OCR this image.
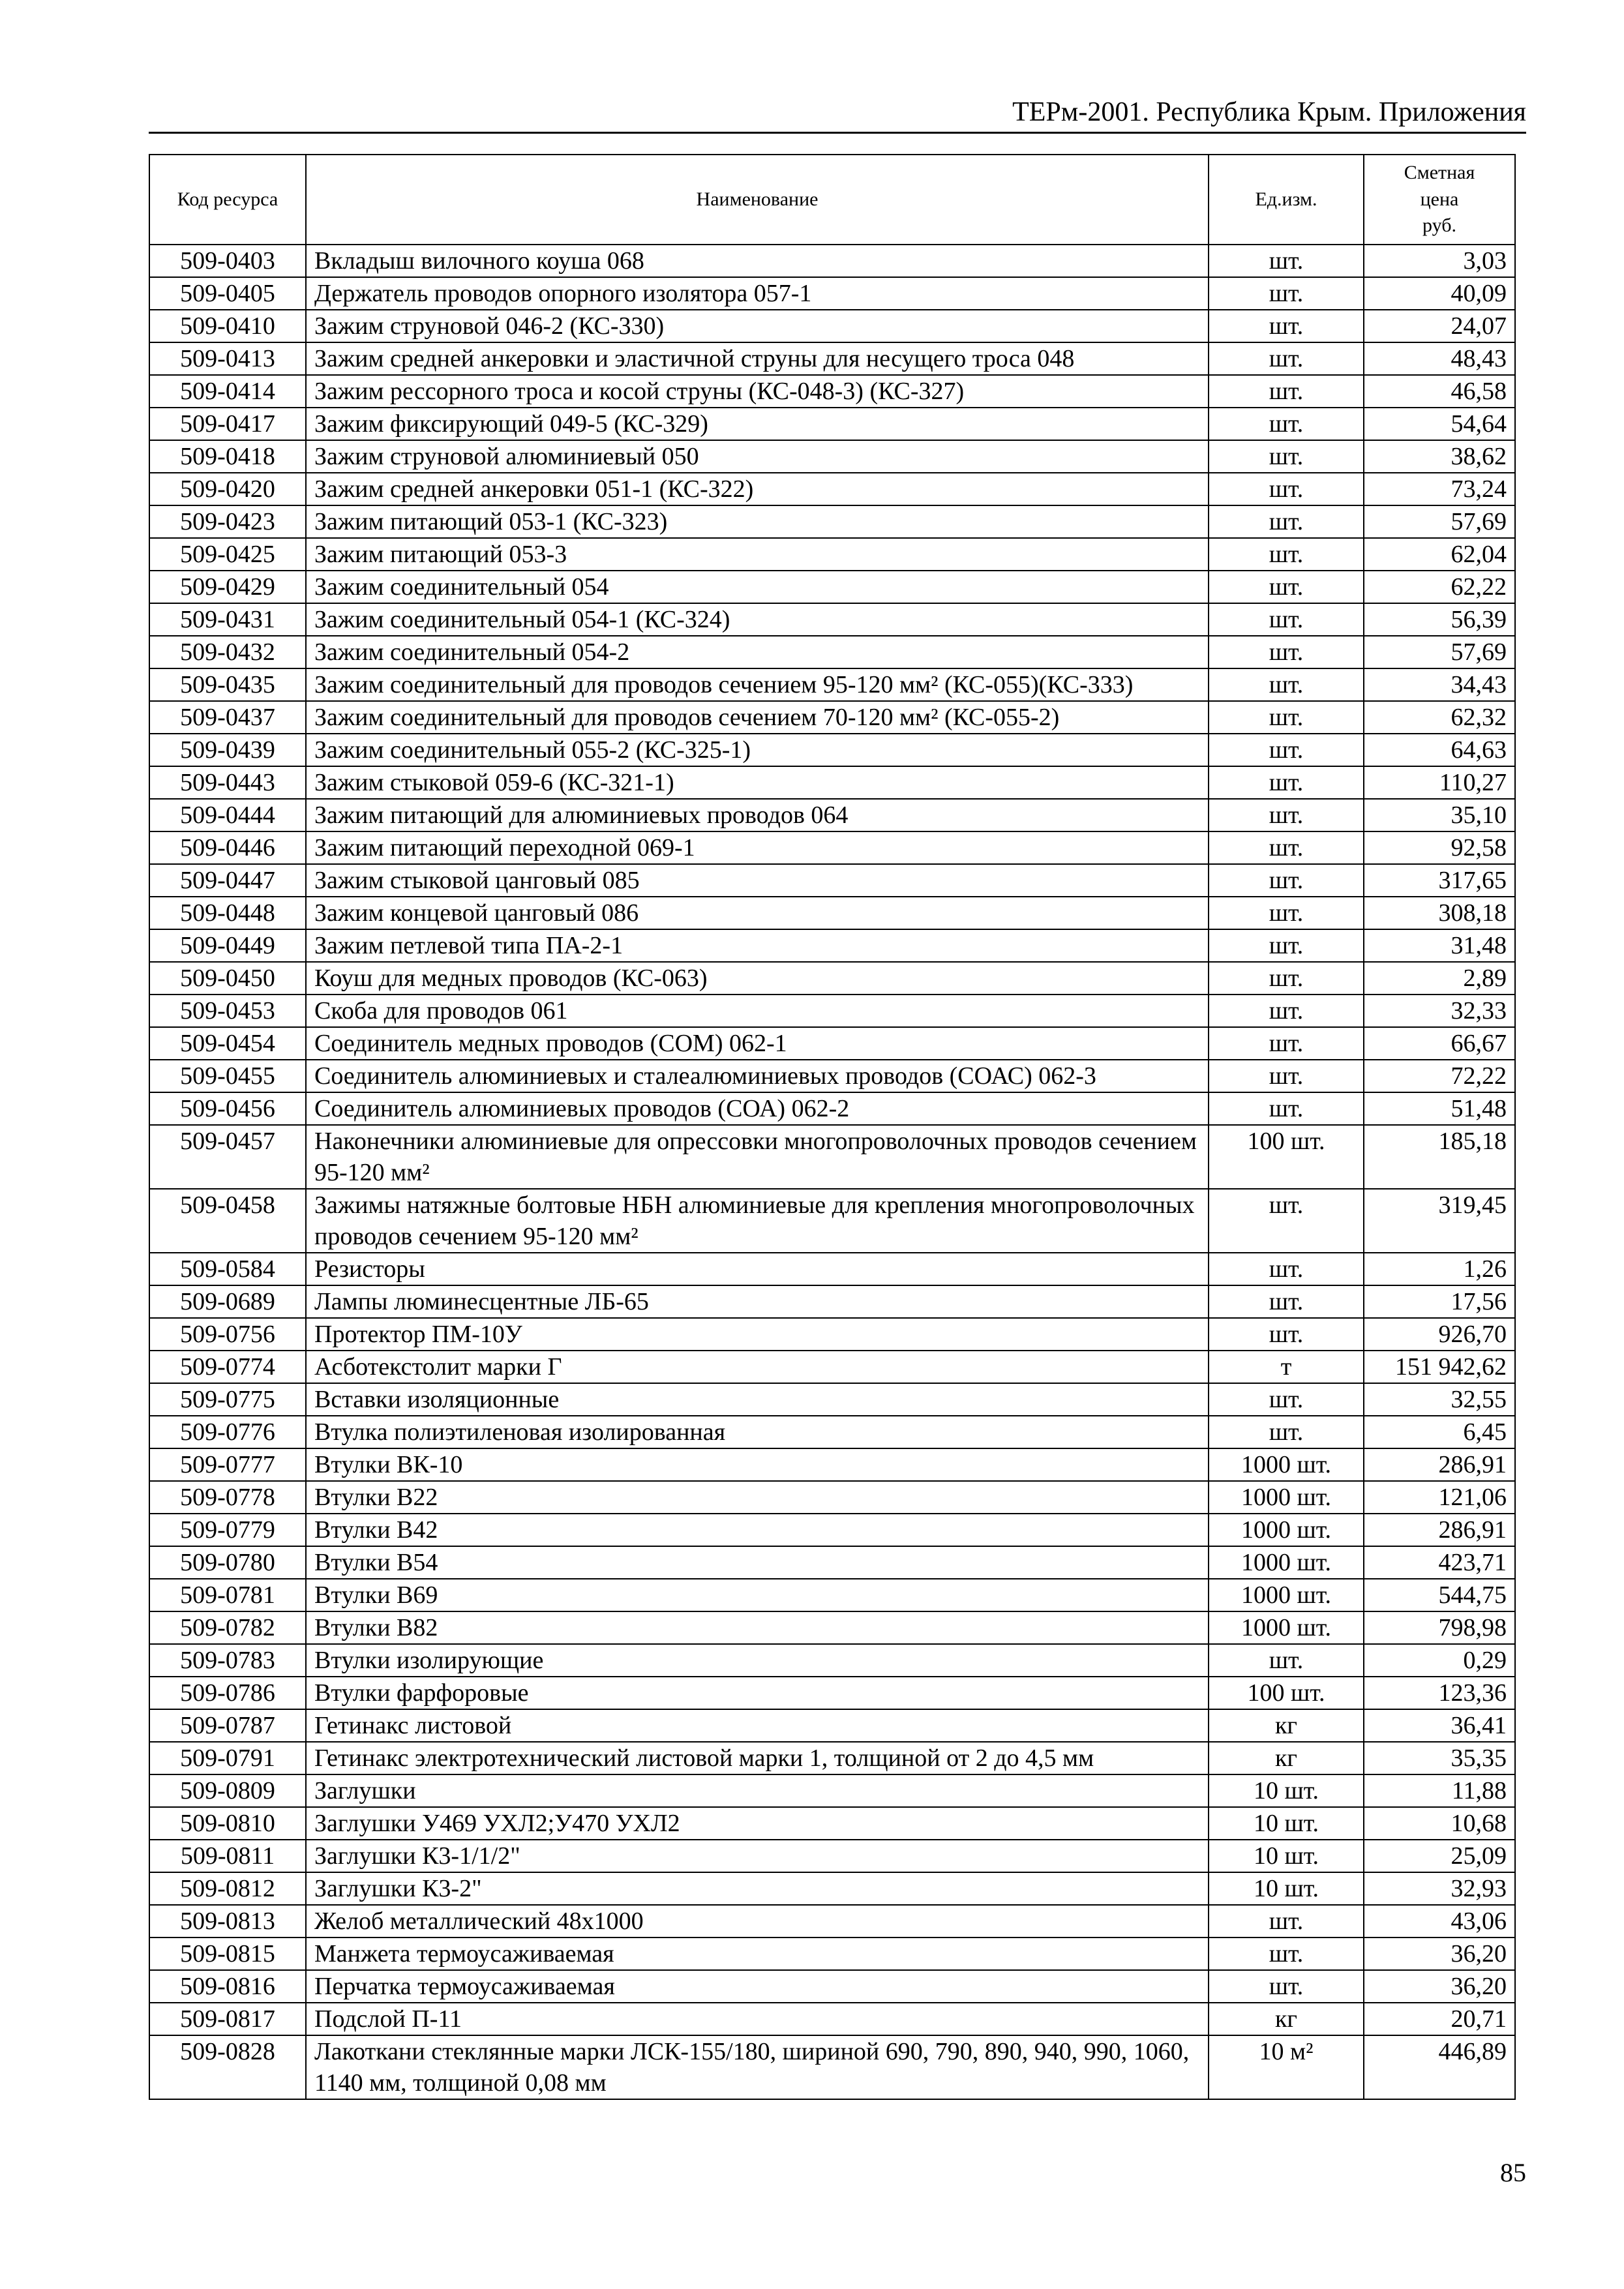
ТЕРм-2001. Республика Крым. Приложения
Код ресурса	Наименование	Ед.изм.	Сметная
цена
руб.
509-0403	Вкладыш вилочного коуша 068	шт.	3,03
509-0405	Держатель проводов опорного изолятора 057-1	шт.	40,09
509-0410	Зажим струновой 046-2 (КС-330)	шт.	24,07
509-0413	Зажим средней анкеровки и эластичной струны для несущего троса 048	шт.	48,43
509-0414	Зажим рессорного троса и косой струны (КС-048-3) (КС-327)	шт.	46,58
509-0417	Зажим фиксирующий 049-5 (КС-329)	шт.	54,64
509-0418	Зажим струновой алюминиевый 050	шт.	38,62
509-0420	Зажим средней анкеровки 051-1 (КС-322)	шт.	73,24
509-0423	Зажим питающий 053-1 (КС-323)	шт.	57,69
509-0425	Зажим питающий 053-3	шт.	62,04
509-0429	Зажим соединительный 054	шт.	62,22
509-0431	Зажим соединительный 054-1 (КС-324)	шт.	56,39
509-0432	Зажим соединительный 054-2	шт.	57,69
509-0435	Зажим соединительный для проводов сечением 95-120 мм² (КС-055)(КС-333)	шт.	34,43
509-0437	Зажим соединительный для проводов сечением 70-120 мм² (КС-055-2)	шт.	62,32
509-0439	Зажим соединительный 055-2 (КС-325-1)	шт.	64,63
509-0443	Зажим стыковой 059-6 (КС-321-1)	шт.	110,27
509-0444	Зажим питающий для алюминиевых проводов 064	шт.	35,10
509-0446	Зажим питающий переходной 069-1	шт.	92,58
509-0447	Зажим стыковой цанговый 085	шт.	317,65
509-0448	Зажим концевой цанговый 086	шт.	308,18
509-0449	Зажим петлевой типа ПА-2-1	шт.	31,48
509-0450	Коуш для медных проводов (КС-063)	шт.	2,89
509-0453	Скоба для проводов 061	шт.	32,33
509-0454	Соединитель медных проводов (СОМ) 062-1	шт.	66,67
509-0455	Соединитель алюминиевых и сталеалюминиевых проводов (СОАС) 062-3	шт.	72,22
509-0456	Соединитель алюминиевых проводов (СОА) 062-2	шт.	51,48
509-0457	Наконечники алюминиевые для опрессовки многопроволочных проводов сечением 95-120 мм²	100 шт.	185,18
509-0458	Зажимы натяжные болтовые НБН алюминиевые для крепления многопроволочных проводов сечением 95-120 мм²	шт.	319,45
509-0584	Резисторы	шт.	1,26
509-0689	Лампы люминесцентные ЛБ-65	шт.	17,56
509-0756	Протектор ПМ-10У	шт.	926,70
509-0774	Асботекстолит марки Г	т	151 942,62
509-0775	Вставки изоляционные	шт.	32,55
509-0776	Втулка полиэтиленовая изолированная	шт.	6,45
509-0777	Втулки ВК-10	1000 шт.	286,91
509-0778	Втулки В22	1000 шт.	121,06
509-0779	Втулки В42	1000 шт.	286,91
509-0780	Втулки В54	1000 шт.	423,71
509-0781	Втулки В69	1000 шт.	544,75
509-0782	Втулки В82	1000 шт.	798,98
509-0783	Втулки изолирующие	шт.	0,29
509-0786	Втулки фарфоровые	100 шт.	123,36
509-0787	Гетинакс листовой	кг	36,41
509-0791	Гетинакс электротехнический листовой марки 1, толщиной от 2 до 4,5 мм	кг	35,35
509-0809	Заглушки	10 шт.	11,88
509-0810	Заглушки У469 УХЛ2;У470 УХЛ2	10 шт.	10,68
509-0811	Заглушки К3-1/1/2"	10 шт.	25,09
509-0812	Заглушки К3-2"	10 шт.	32,93
509-0813	Желоб металлический 48х1000	шт.	43,06
509-0815	Манжета термоусаживаемая	шт.	36,20
509-0816	Перчатка термоусаживаемая	шт.	36,20
509-0817	Подслой П-11	кг	20,71
509-0828	Лакоткани стеклянные марки ЛСК-155/180, шириной 690, 790, 890, 940, 990, 1060, 1140 мм, толщиной 0,08 мм	10 м²	446,89
85
